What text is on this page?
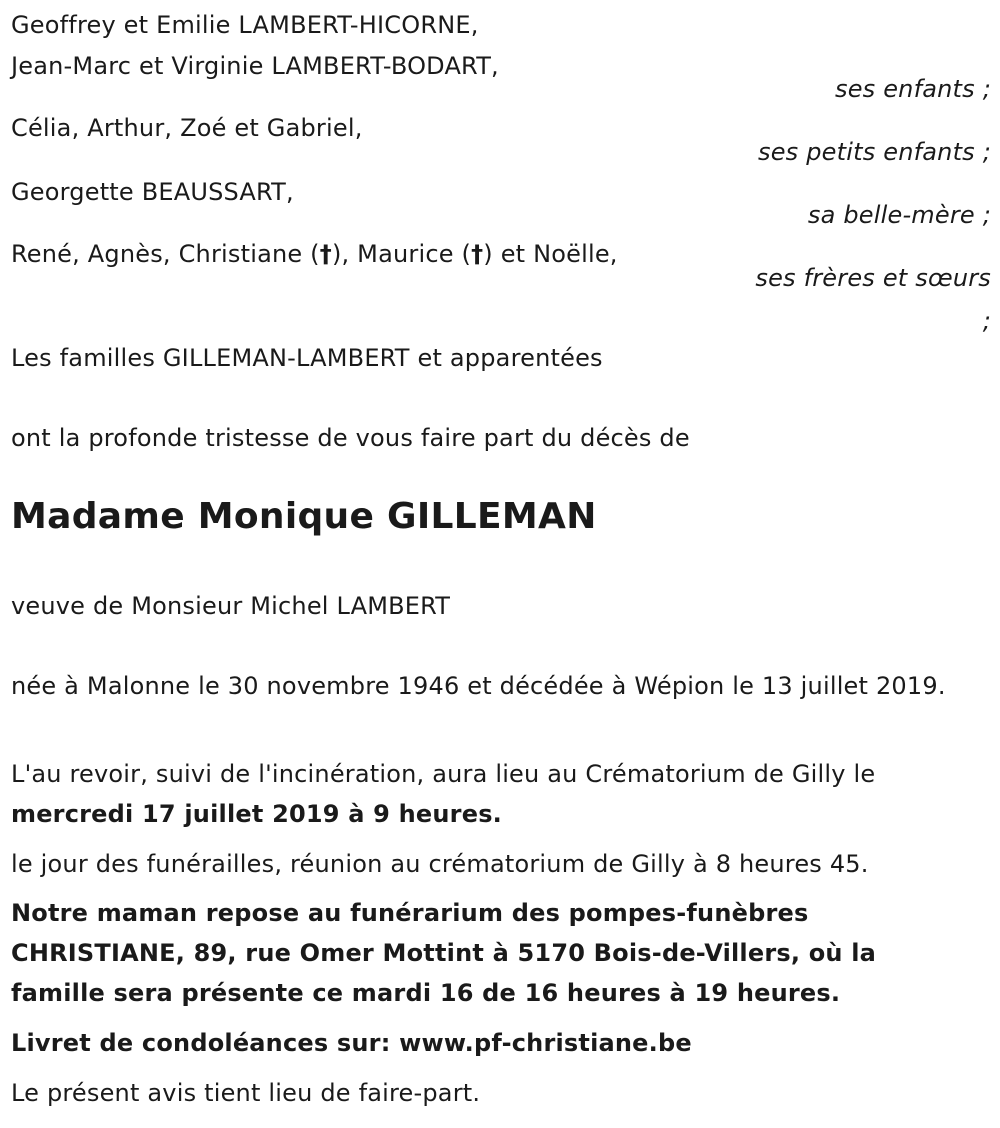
Geoffrey et Emilie LAMBERT-HICORNE,
Jean-Marc et Virginie LAMBERT-BODART,
ses enfants ;
Célia, Arthur, Zoé et Gabriel,
ses petits enfants ;
Georgette BEAUSSART,
sa belle-mère ;
René, Agnès, Christiane (†), Maurice (†) et Noëlle,
ses frères et sœurs
;
Les familles GILLEMAN-LAMBERT et apparentées
ont la profonde tristesse de vous faire part du décès de
Madame Monique GILLEMAN
veuve de Monsieur Michel LAMBERT
née à Malonne le 30 novembre 1946 et décédée à Wépion le 13 juillet 2019.
L'au revoir, suivi de l'incinération, aura lieu au Crématorium de Gilly le
mercredi 17 juillet 2019 à 9 heures.
le jour des funérailles, réunion au crématorium de Gilly à 8 heures 45.
Notre maman repose au funérarium des pompes-funèbres CHRISTIANE, 89, rue Omer Mottint à 5170 Bois-de-Villers, où la famille sera présente ce mardi 16 de 16 heures à 19 heures.
Livret de condoléances sur: www.pf-christiane.be
Le présent avis tient lieu de faire-part.
